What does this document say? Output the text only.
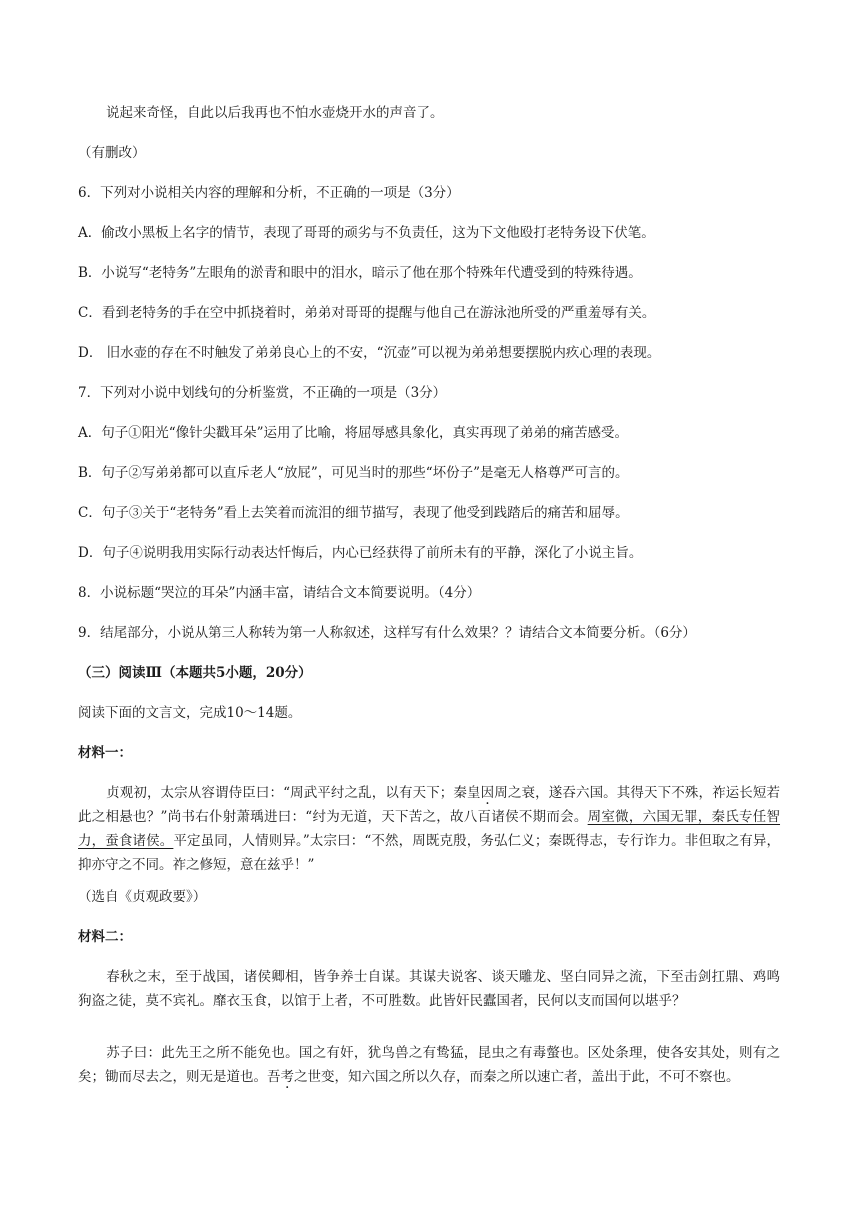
说起来奇怪，自此以后我再也不怕水壶烧开水的声音了。
（有删改）
6．下列对小说相关内容的理解和分析，不正确的一项是（3分）
A．偷改小黑板上名字的情节，表现了哥哥的顽劣与不负责任，这为下文他殴打老特务设下伏笔。
B．小说写“老特务”左眼角的淤青和眼中的泪水，暗示了他在那个特殊年代遭受到的特殊待遇。
C．看到老特务的手在空中抓挠着时，弟弟对哥哥的提醒与他自己在游泳池所受的严重羞辱有关。
D． 旧水壶的存在不时触发了弟弟良心上的不安，“沉壶”可以视为弟弟想要摆脱内疚心理的表现。
7．下列对小说中划线句的分析鉴赏，不正确的一项是（3分）
A．句子①阳光“像针尖戳耳朵”运用了比喻，将屈辱感具象化，真实再现了弟弟的痛苦感受。
B．句子②写弟弟都可以直斥老人“放屁”，可见当时的那些“坏份子”是毫无人格尊严可言的。
C．句子③关于“老特务”看上去笑着而流泪的细节描写，表现了他受到践踏后的痛苦和屈辱。
D．句子④说明我用实际行动表达忏悔后，内心已经获得了前所未有的平静，深化了小说主旨。
8．小说标题“哭泣的耳朵”内涵丰富，请结合文本简要说明。（4分）
9．结尾部分，小说从第三人称转为第一人称叙述，这样写有什么效果？？请结合文本简要分析。（6分）
（三）阅读Ⅲ（本题共5小题，20分）
阅读下面的文言文，完成10～14题。
材料一：
贞观初，太宗从容谓侍臣曰：“周武平纣之乱，以有天下；秦皇因周之衰，遂吞六国。其得天下不殊，祚运长短若此之相悬也？”尚书右仆射萧瑀进曰：“纣为无道，天下苦之，故八百诸侯不期而会。周室微，六国无罪，秦氏专任智力，蚕食诸侯。平定虽同，人情则异。”太宗曰：“不然，周既克殷，务弘仁义；秦既得志，专行诈力。非但取之有异，抑亦守之不同。祚之修短，意在兹乎！”
（选自《贞观政要》）
材料二：
春秋之末，至于战国，诸侯卿相，皆争养士自谋。其谋夫说客、谈天雕龙、坚白同异之流，下至击剑扛鼎、鸡鸣狗盗之徒，莫不宾礼。靡衣玉食，以馆于上者，不可胜数。此皆奸民蠹国者，民何以支而国何以堪乎？
苏子曰：此先王之所不能免也。国之有奸，犹鸟兽之有鸷猛，昆虫之有毒螫也。区处条理，使各安其处，则有之矣；锄而尽去之，则无是道也。吾考之世变，知六国之所以久存，而秦之所以速亡者，盖出于此，不可不察也。
